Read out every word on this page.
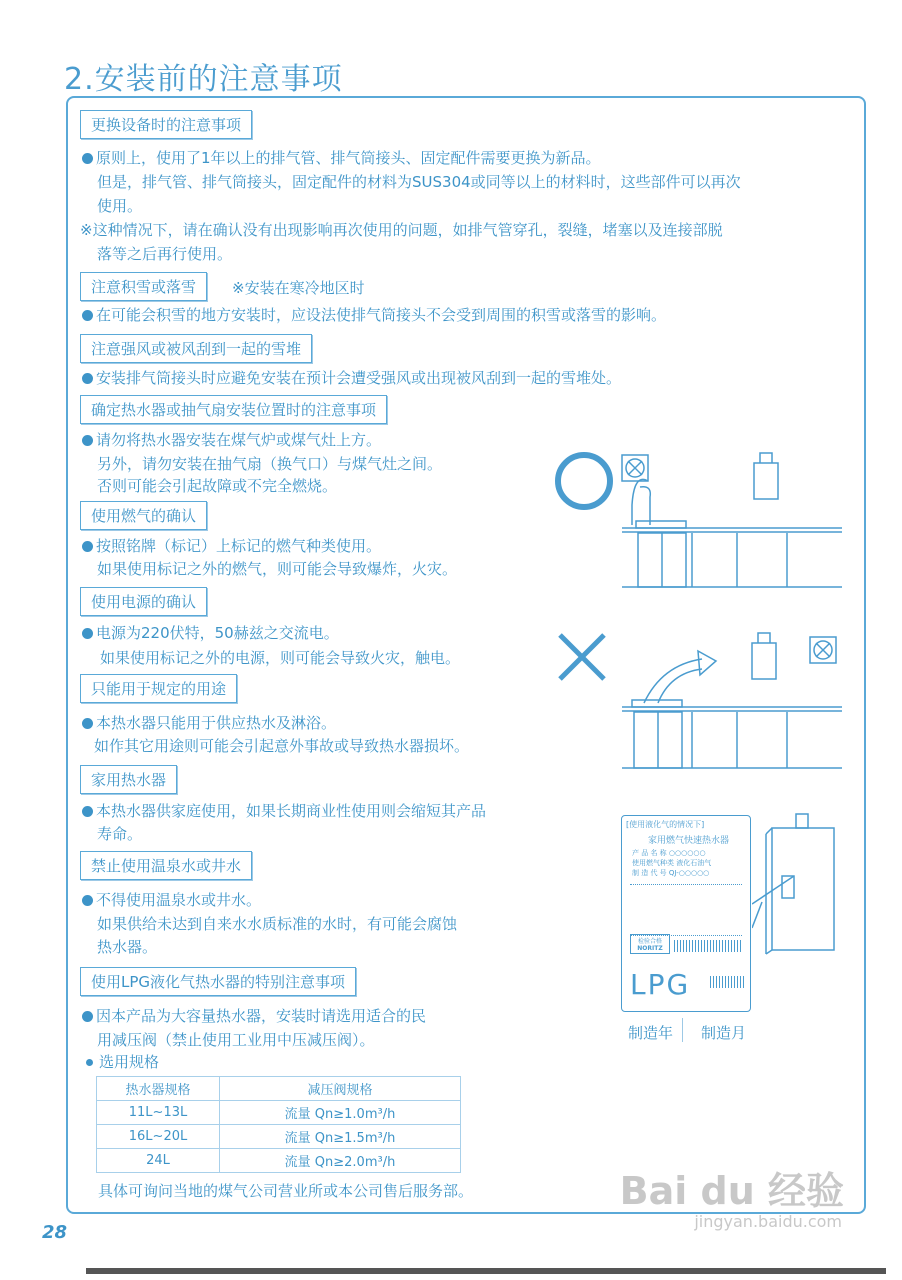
2.安装前的注意事项
更换设备时的注意事项
原则上，使用了1年以上的排气管、排气筒接头、固定配件需要更换为新品。
但是，排气管、排气筒接头，固定配件的材料为SUS304或同等以上的材料时，这些部件可以再次
使用。
※这种情况下，请在确认没有出现影响再次使用的问题，如排气管穿孔，裂缝，堵塞以及连接部脱
落等之后再行使用。
注意积雪或落雪	※安装在寒冷地区时
在可能会积雪的地方安装时，应设法使排气筒接头不会受到周围的积雪或落雪的影响。
注意强风或被风刮到一起的雪堆
安装排气筒接头时应避免安装在预计会遭受强风或出现被风刮到一起的雪堆处。
确定热水器或抽气扇安装位置时的注意事项
请勿将热水器安装在煤气炉或煤气灶上方。
另外，请勿安装在抽气扇（换气口）与煤气灶之间。
否则可能会引起故障或不完全燃烧。
使用燃气的确认
按照铭牌（标记）上标记的燃气种类使用。
如果使用标记之外的燃气，则可能会导致爆炸，火灾。
使用电源的确认
电源为220伏特，50赫兹之交流电。
如果使用标记之外的电源，则可能会导致火灾，触电。
只能用于规定的用途
本热水器只能用于供应热水及淋浴。
如作其它用途则可能会引起意外事故或导致热水器损坏。
家用热水器
本热水器供家庭使用，如果长期商业性使用则会缩短其产品
寿命。
禁止使用温泉水或井水
不得使用温泉水或井水。
如果供给未达到自来水水质标准的水时，有可能会腐蚀
热水器。
使用LPG液化气热水器的特别注意事项
因本产品为大容量热水器，安装时请选用适合的民
用减压阀（禁止使用工业用中压减压阀）。
选用规格
热水器规格	减压阀规格
11L~13L	流量 Qn≥1.0m³/h
16L~20L	流量 Qn≥1.5m³/h
24L	流量 Qn≥2.0m³/h
具体可询问当地的煤气公司营业所或本公司售后服务部。
[使用液化气的情况下]
家用燃气快速热水器
产 品 名 称 ○○○○○○
使用燃气种类 液化石油气
制 造 代 号 QJ-○○○○○
检验合格
NORITZ
LPG
制造年 制造月
28
Bai du 经验
jingyan.baidu.com
